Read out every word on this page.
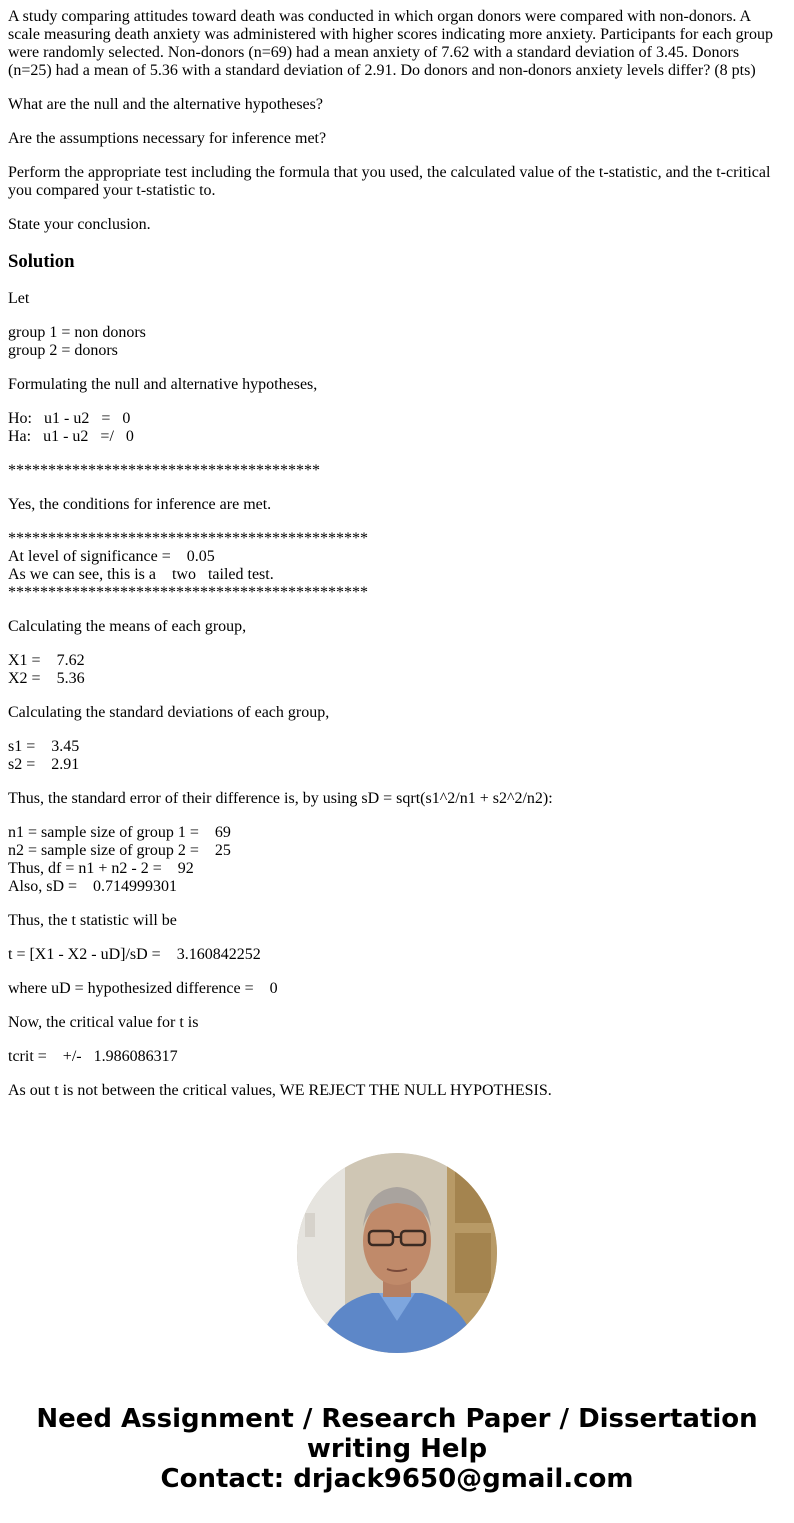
A study comparing attitudes toward death was conducted in which organ donors were compared with non-donors. A scale measuring death anxiety was administered with higher scores indicating more anxiety. Participants for each group were randomly selected. Non-donors (n=69) had a mean anxiety of 7.62 with a standard deviation of 3.45. Donors (n=25) had a mean of 5.36 with a standard deviation of 2.91. Do donors and non-donors anxiety levels differ? (8 pts)

What are the null and the alternative hypotheses?

Are the assumptions necessary for inference met?

Perform the appropriate test including the formula that you used, the calculated value of the t-statistic, and the t-critical you compared your t-statistic to.

State your conclusion.

Solution

Let

group 1 = non donors
group 2 = donors

Formulating the null and alternative hypotheses,

Ho:   u1 - u2   =   0
Ha:   u1 - u2   =/   0

***************************************

Yes, the conditions for inference are met.

*********************************************
At level of significance =    0.05
As we can see, this is a    two   tailed test.
*********************************************

Calculating the means of each group,

X1 =    7.62
X2 =    5.36

Calculating the standard deviations of each group,

s1 =    3.45
s2 =    2.91

Thus, the standard error of their difference is, by using sD = sqrt(s1^2/n1 + s2^2/n2):

n1 = sample size of group 1 =    69
n2 = sample size of group 2 =    25
Thus, df = n1 + n2 - 2 =    92
Also, sD =    0.714999301

Thus, the t statistic will be

t = [X1 - X2 - uD]/sD =    3.160842252

where uD = hypothesized difference =    0

Now, the critical value for t is

tcrit =    +/-   1.986086317

As out t is not between the critical values, WE REJECT THE NULL HYPOTHESIS.

Need Assignment / Research Paper / Dissertation
writing Help
Contact: drjack9650@gmail.com
